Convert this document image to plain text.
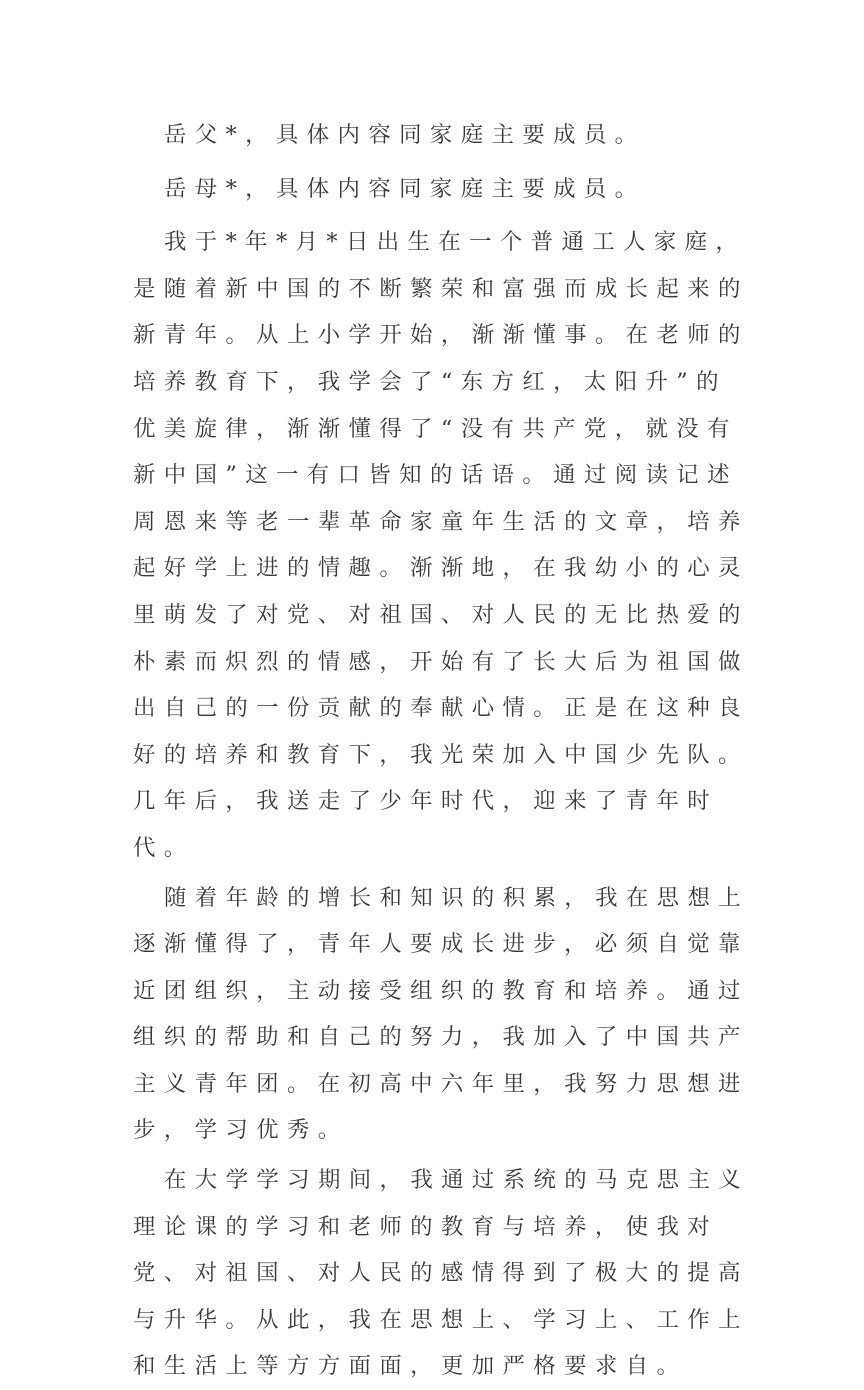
岳父*，具体内容同家庭主要成员。

岳母*，具体内容同家庭主要成员。

我于*年*月*日出生在一个普通工人家庭，是随着新中国的不断繁荣和富强而成长起来的新青年。从上小学开始，渐渐懂事。在老师的培养教育下，我学会了“东方红，太阳升”的优美旋律，渐渐懂得了“没有共产党，就没有新中国”这一有口皆知的话语。通过阅读记述周恩来等老一辈革命家童年生活的文章，培养起好学上进的情趣。渐渐地，在我幼小的心灵里萌发了对党、对祖国、对人民的无比热爱的朴素而炽烈的情感，开始有了长大后为祖国做出自己的一份贡献的奉献心情。正是在这种良好的培养和教育下，我光荣加入中国少先队。几年后，我送走了少年时代，迎来了青年时代。

随着年龄的增长和知识的积累，我在思想上逐渐懂得了，青年人要成长进步，必须自觉靠近团组织，主动接受组织的教育和培养。通过组织的帮助和自己的努力，我加入了中国共产主义青年团。在初高中六年里，我努力思想进步，学习优秀。

在大学学习期间，我通过系统的马克思主义理论课的学习和老师的教育与培养，使我对党、对祖国、对人民的感情得到了极大的提高与升华。从此，我在思想上、学习上、工作上和生活上等方方面面，更加严格要求自。
